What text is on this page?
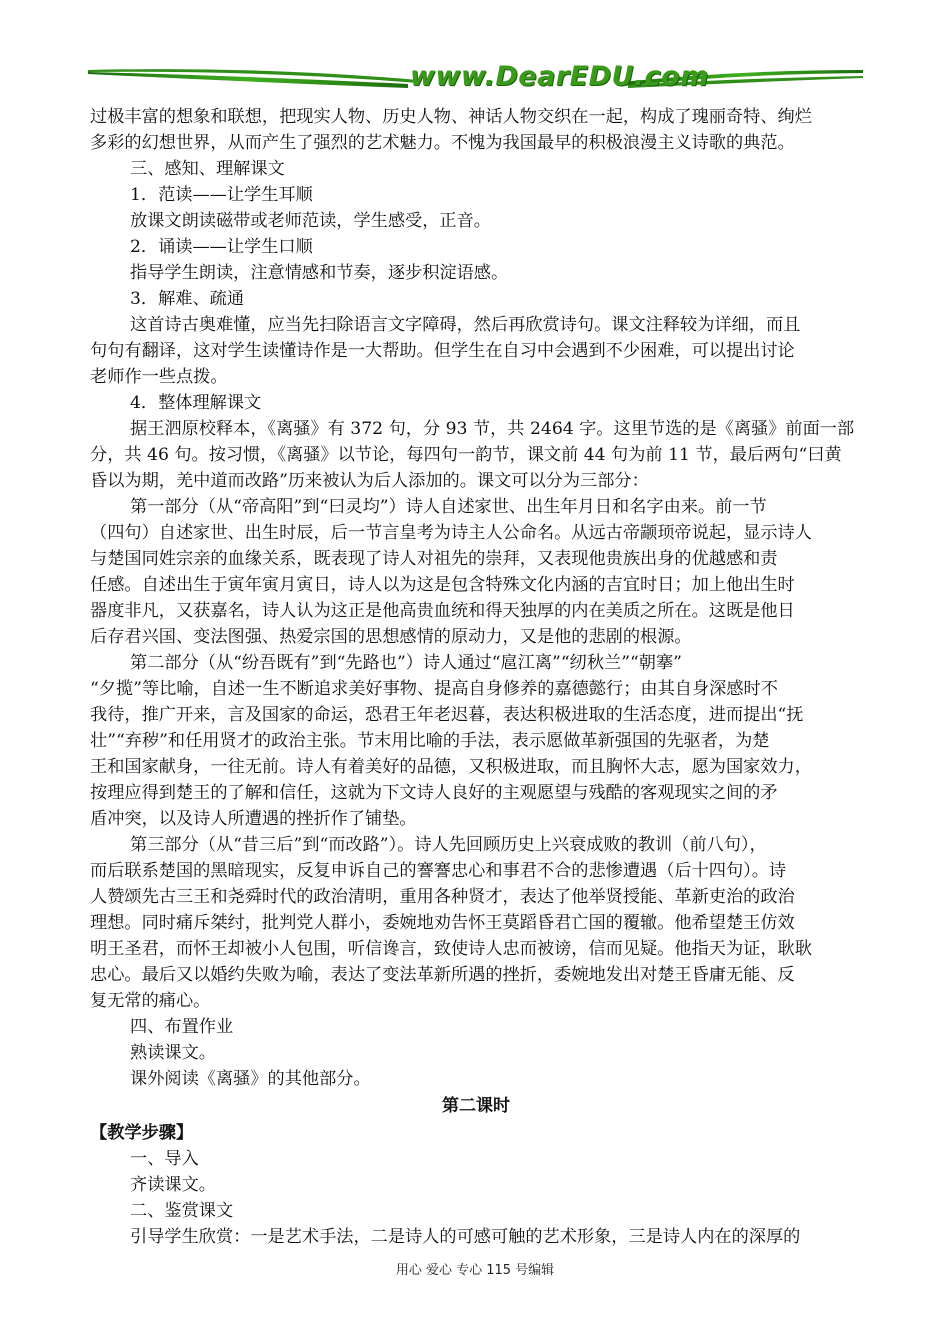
www.DearEDU.com

过极丰富的想象和联想，把现实人物、历史人物、神话人物交织在一起，构成了瑰丽奇特、绚烂

多彩的幻想世界，从而产生了强烈的艺术魅力。不愧为我国最早的积极浪漫主义诗歌的典范。

三、感知、理解课文

1．范读——让学生耳顺

放课文朗读磁带或老师范读，学生感受，正音。

2．诵读——让学生口顺

指导学生朗读，注意情感和节奏，逐步积淀语感。

3．解难、疏通

这首诗古奥难懂，应当先扫除语言文字障碍，然后再欣赏诗句。课文注释较为详细，而且

句句有翻译，这对学生读懂诗作是一大帮助。但学生在自习中会遇到不少困难，可以提出讨论

老师作一些点拨。

4．整体理解课文

据王泗原校释本，《离骚》有 372 句，分 93 节，共 2464 字。这里节选的是《离骚》前面一部

分，共 46 句。按习惯，《离骚》以节论，每四句一韵节，课文前 44 句为前 11 节，最后两句“曰黄

昏以为期，羌中道而改路”历来被认为后人添加的。课文可以分为三部分：

第一部分（从“帝高阳”到“曰灵均”）诗人自述家世、出生年月日和名字由来。前一节

（四句）自述家世、出生时辰，后一节言皇考为诗主人公命名。从远古帝颛顼帝说起，显示诗人

与楚国同姓宗亲的血缘关系，既表现了诗人对祖先的崇拜，又表现他贵族出身的优越感和责

任感。自述出生于寅年寅月寅日，诗人以为这是包含特殊文化内涵的吉宜时日；加上他出生时

器度非凡，又获嘉名，诗人认为这正是他高贵血统和得天独厚的内在美质之所在。这既是他日

后存君兴国、变法图强、热爱宗国的思想感情的原动力，又是他的悲剧的根源。

第二部分（从“纷吾既有”到“先路也”）诗人通过“扈江离”“纫秋兰”“朝搴”

“夕揽”等比喻，自述一生不断追求美好事物、提高自身修养的嘉德懿行；由其自身深感时不

我待，推广开来，言及国家的命运，恐君王年老迟暮，表达积极进取的生活态度，进而提出“抚

壮”“弃秽”和任用贤才的政治主张。节末用比喻的手法，表示愿做革新强国的先驱者，为楚

王和国家献身，一往无前。诗人有着美好的品德，又积极进取，而且胸怀大志，愿为国家效力，

按理应得到楚王的了解和信任，这就为下文诗人良好的主观愿望与残酷的客观现实之间的矛

盾冲突，以及诗人所遭遇的挫折作了铺垫。

第三部分（从“昔三后”到“而改路”）。诗人先回顾历史上兴衰成败的教训（前八句），

而后联系楚国的黑暗现实，反复申诉自己的謇謇忠心和事君不合的悲惨遭遇（后十四句）。诗

人赞颂先古三王和尧舜时代的政治清明，重用各种贤才，表达了他举贤授能、革新吏治的政治

理想。同时痛斥桀纣，批判党人群小，委婉地劝告怀王莫蹈昏君亡国的覆辙。他希望楚王仿效

明王圣君，而怀王却被小人包围，听信谗言，致使诗人忠而被谤，信而见疑。他指天为证，耿耿

忠心。最后又以婚约失败为喻，表达了变法革新所遇的挫折，委婉地发出对楚王昏庸无能、反

复无常的痛心。

四、布置作业

熟读课文。

课外阅读《离骚》的其他部分。

第二课时

【教学步骤】

一、导入

齐读课文。

二、鉴赏课文

引导学生欣赏：一是艺术手法，二是诗人的可感可触的艺术形象，三是诗人内在的深厚的

用心 爱心 专心 115 号编辑
